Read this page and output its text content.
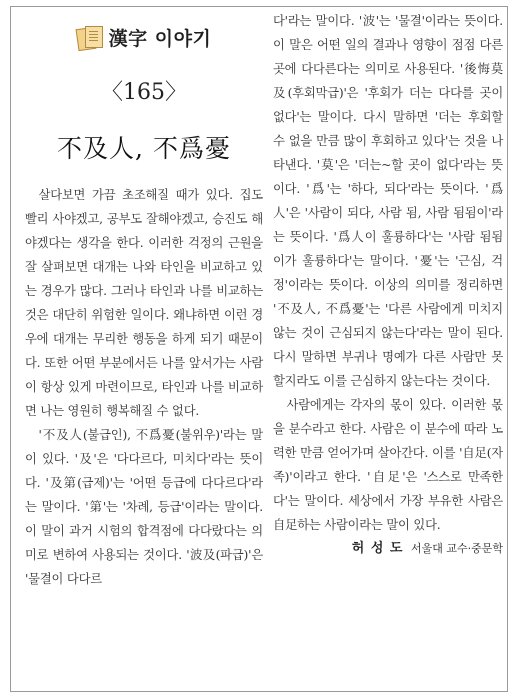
漢字 이야기
〈165〉
不及人, 不爲憂

살다보면 가끔 초조해질 때가 있다. 집도 빨리 사야겠고, 공부도 잘해야겠고, 승진도 해야겠다는 생각을 한다. 이러한 걱정의 근원을 잘 살펴보면 대개는 나와 타인을 비교하고 있는 경우가 많다. 그러나 타인과 나를 비교하는 것은 대단히 위험한 일이다. 왜냐하면 이런 경우에 대개는 무리한 행동을 하게 되기 때문이다. 또한 어떤 부분에서든 나를 앞서가는 사람이 항상 있게 마련이므로, 타인과 나를 비교하면 나는 영원히 행복해질 수 없다.

'不及人(불급인), 不爲憂(불위우)'라는 말이 있다. '及'은 '다다르다, 미치다'라는 뜻이다. '及第(급제)'는 '어떤 등급에 다다르다'라는 말이다. '第'는 '차례, 등급'이라는 말이다. 이 말이 과거 시험의 합격점에 다다랐다는 의미로 변하여 사용되는 것이다. '波及(파급)'은 '물결이 다다르

다'라는 말이다. '波'는 '물결'이라는 뜻이다. 이 말은 어떤 일의 결과나 영향이 점점 다른 곳에 다다른다는 의미로 사용된다. '後悔莫及(후회막급)'은 '후회가 더는 다다를 곳이 없다'는 말이다. 다시 말하면 '더는 후회할 수 없을 만큼 많이 후회하고 있다'는 것을 나타낸다. '莫'은 '더는~할 곳이 없다'라는 뜻이다. '爲'는 '하다, 되다'라는 뜻이다. '爲人'은 '사람이 되다, 사람 됨, 사람 됨됨이'라는 뜻이다. '爲人이 훌륭하다'는 '사람 됨됨이가 훌륭하다'는 말이다. '憂'는 '근심, 걱정'이라는 뜻이다. 이상의 의미를 정리하면 '不及人, 不爲憂'는 '다른 사람에게 미치지 않는 것이 근심되지 않는다'라는 말이 된다. 다시 말하면 부귀나 명예가 다른 사람만 못할지라도 이를 근심하지 않는다는 것이다.

사람에게는 각자의 몫이 있다. 이러한 몫을 분수라고 한다. 사람은 이 분수에 따라 노력한 만큼 얻어가며 살아간다. 이를 '自足(자족)'이라고 한다. '自足'은 '스스로 만족한다'는 말이다. 세상에서 가장 부유한 사람은 自足하는 사람이라는 말이 있다.

허 성 도 서울대 교수·중문학
